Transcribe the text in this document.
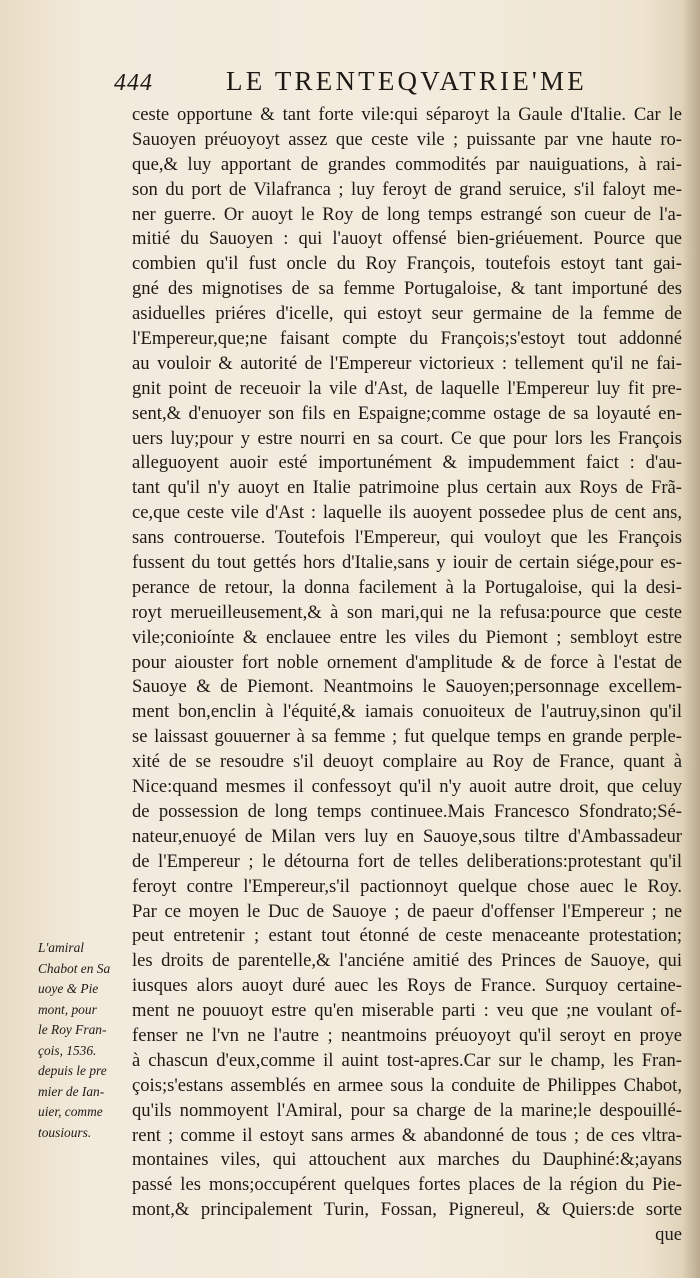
444	LE TRENTEQVATRIE'ME
L'amiral
Chabot en Sa
uoye & Pie
mont, pour
le Roy Fran-
çois, 1536.
depuis le pre
mier de Ian-
uier, comme
tousiours.
ceste opportune & tant forte vile:qui séparoyt la Gaule d'Italie. Car le
Sauoyen préuoyoyt assez que ceste vile ; puissante par vne haute ro-
que,& luy apportant de grandes commodités par nauiguations, à rai-
son du port de Vilafranca ; luy feroyt de grand seruice, s'il faloyt me-
ner guerre. Or auoyt le Roy de long temps estrangé son cueur de l'a-
mitié du Sauoyen : qui l'auoyt offensé bien-griéuement. Pource que
combien qu'il fust oncle du Roy François, toutefois estoyt tant gai-
gné des mignotises de sa femme Portugaloise, & tant importuné des
asiduelles priéres d'icelle, qui estoyt seur germaine de la femme de
l'Empereur,que;ne faisant compte du François;s'estoyt tout addonné
au vouloir & autorité de l'Empereur victorieux : tellement qu'il ne fai-
gnit point de receuoir la vile d'Ast, de laquelle l'Empereur luy fit pre-
sent,& d'enuoyer son fils en Espaigne;comme ostage de sa loyauté en-
uers luy;pour y estre nourri en sa court. Ce que pour lors les François
alleguoyent auoir esté importunément & impudemment faict : d'au-
tant qu'il n'y auoyt en Italie patrimoine plus certain aux Roys de Frã-
ce,que ceste vile d'Ast : laquelle ils auoyent possedee plus de cent ans,
sans controuerse. Toutefois l'Empereur, qui vouloyt que les François
fussent du tout gettés hors d'Italie,sans y iouir de certain siége,pour es-
perance de retour, la donna facilement à la Portugaloise, qui la desi-
royt merueilleusement,& à son mari,qui ne la refusa:pource que ceste
vile;conioínte & enclauee entre les viles du Piemont ; sembloyt estre
pour aiouster fort noble ornement d'amplitude & de force à l'estat de
Sauoye & de Piemont. Neantmoins le Sauoyen;personnage excellem-
ment bon,enclin à l'équité,& iamais conuoiteux de l'autruy,sinon qu'il
se laissast gouuerner à sa femme ; fut quelque temps en grande perple-
xité de se resoudre s'il deuoyt complaire au Roy de France, quant à
Nice:quand mesmes il confessoyt qu'il n'y auoit autre droit, que celuy
de possession de long temps continuee.Mais Francesco Sfondrato;Sé-
nateur,enuoyé de Milan vers luy en Sauoye,sous tiltre d'Ambassadeur
de l'Empereur ; le détourna fort de telles deliberations:protestant qu'il
feroyt contre l'Empereur,s'il pactionnoyt quelque chose auec le Roy.
Par ce moyen le Duc de Sauoye ; de paeur d'offenser l'Empereur ; ne
peut entretenir ; estant tout étonné de ceste menaceante protestation;
les droits de parentelle,& l'anciéne amitié des Princes de Sauoye, qui
iusques alors auoyt duré auec les Roys de France. Surquoy certaine-
ment ne pouuoyt estre qu'en miserable parti : veu que ;ne voulant of-
fenser ne l'vn ne l'autre ; neantmoins préuoyoyt qu'il seroyt en proye
à chascun d'eux,comme il auint tost-apres.Car sur le champ, les Fran-
çois;s'estans assemblés en armee sous la conduite de Philippes Chabot,
qu'ils nommoyent l'Amiral, pour sa charge de la marine;le despouillé-
rent ; comme il estoyt sans armes & abandonné de tous ; de ces vltra-
montaines viles, qui attouchent aux marches du Dauphiné:&;ayans
passé les mons;occupérent quelques fortes places de la région du Pie-
mont,& principalement Turin, Fossan, Pignereul, & Quiers:de sorte
que
